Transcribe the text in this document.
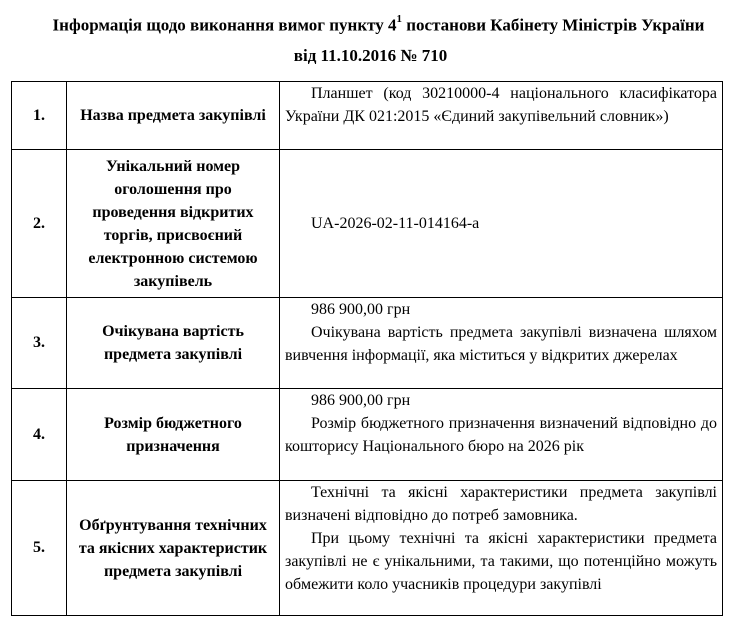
Інформація щодо виконання вимог пункту $4^1$ постанови Кабінету Міністрів України
від 11.10.2016 № 710
1.	Назва предмета закупівлі	Планшет (код 30210000-4 національного класифікатора України ДК 021:2015 «Єдиний закупівельний словник»)

2.	Унікальний номер оголошення про проведення відкритих торгів, присвоєний електронною системою закупівель	UA-2026-02-11-014164-a

3.	Очікувана вартість предмета закупівлі	986 900,00 грн

Очікувана вартість предмета закупівлі визначена шляхом вивчення інформації, яка міститься у відкритих джерелах

4.	Розмір бюджетного призначення	986 900,00 грн

Розмір бюджетного призначення визначений відповідно до кошторису Національного бюро на 2026 рік

5.	Обґрунтування технічних та якісних характеристик предмета закупівлі	Технічні та якісні характеристики предмета закупівлі визначені відповідно до потреб замовника.

При цьому технічні та якісні характеристики предмета закупівлі не є унікальними, та такими, що потенційно можуть обмежити коло учасників процедури закупівлі
